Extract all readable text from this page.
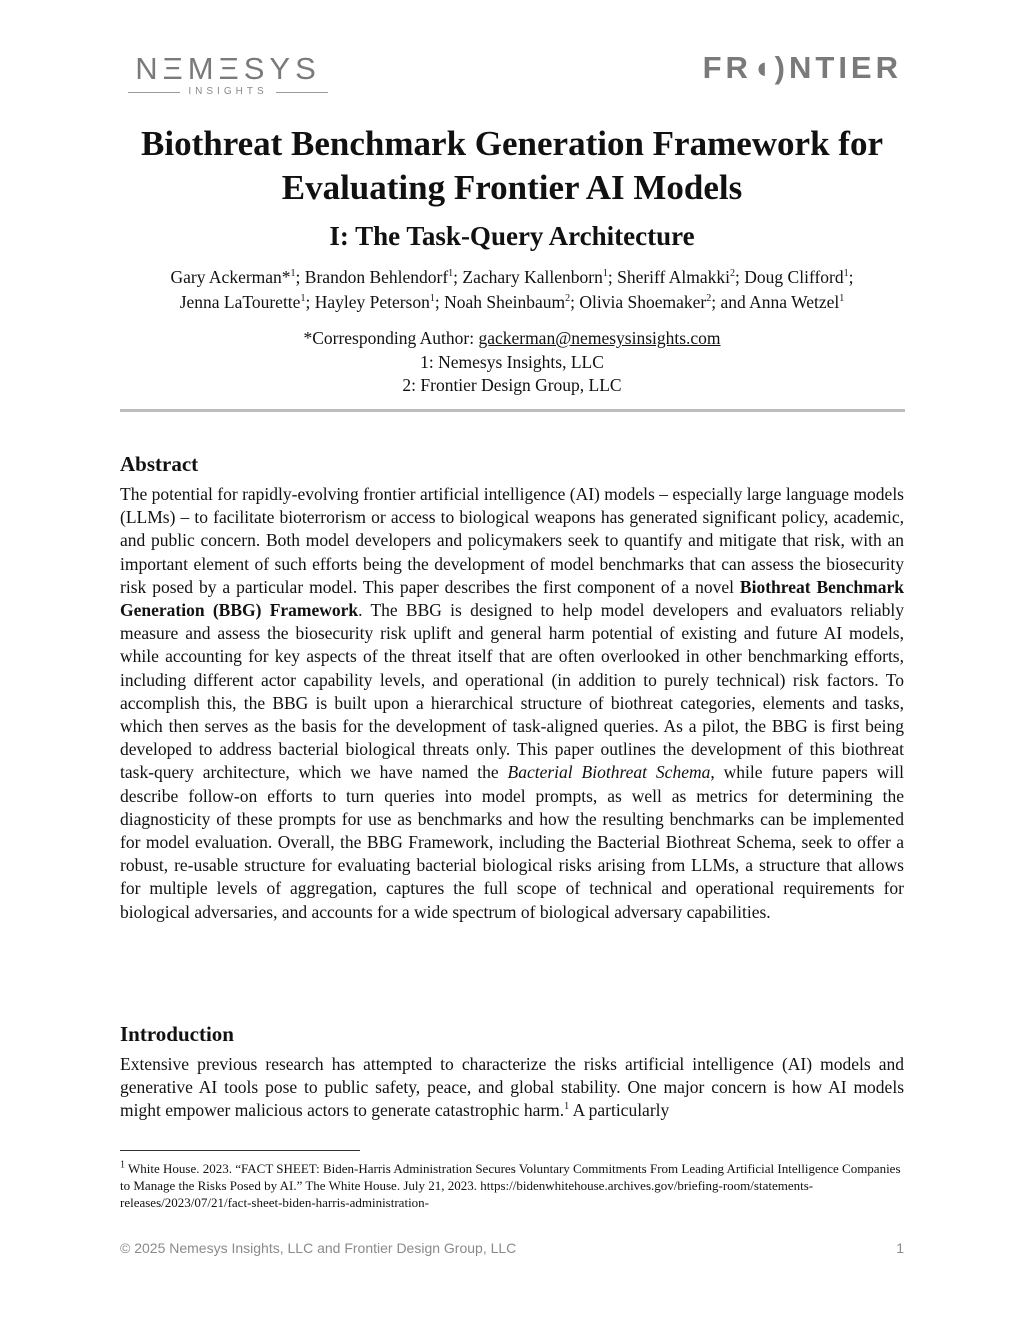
NΞMΞSYS
INSIGHTS
FR◖)NTIER
Biothreat Benchmark Generation Framework for
Evaluating Frontier AI Models
I: The Task-Query Architecture
Gary Ackerman*$^1$; Brandon Behlendorf$^1$; Zachary Kallenborn$^1$; Sheriff Almakki$^2$; Doug Clifford$^1$;
Jenna LaTourette$^1$; Hayley Peterson$^1$; Noah Sheinbaum$^2$; Olivia Shoemaker$^2$; and Anna Wetzel$^1$
*Corresponding Author: gackerman@nemesysinsights.com
1: Nemesys Insights, LLC
2: Frontier Design Group, LLC
Abstract

The potential for rapidly-evolving frontier artificial intelligence (AI) models – especially large language models (LLMs) – to facilitate bioterrorism or access to biological weapons has generated significant policy, academic, and public concern. Both model developers and policymakers seek to quantify and mitigate that risk, with an important element of such efforts being the development of model benchmarks that can assess the biosecurity risk posed by a particular model. This paper describes the first component of a novel Biothreat Benchmark Generation (BBG) Framework. The BBG is designed to help model developers and evaluators reliably measure and assess the biosecurity risk uplift and general harm potential of existing and future AI models, while accounting for key aspects of the threat itself that are often overlooked in other benchmarking efforts, including different actor capability levels, and operational (in addition to purely technical) risk factors. To accomplish this, the BBG is built upon a hierarchical structure of biothreat categories, elements and tasks, which then serves as the basis for the development of task-aligned queries. As a pilot, the BBG is first being developed to address bacterial biological threats only. This paper outlines the development of this biothreat task-query architecture, which we have named the Bacterial Biothreat Schema, while future papers will describe follow-on efforts to turn queries into model prompts, as well as metrics for determining the diagnosticity of these prompts for use as benchmarks and how the resulting benchmarks can be implemented for model evaluation. Overall, the BBG Framework, including the Bacterial Biothreat Schema, seek to offer a robust, re-usable structure for evaluating bacterial biological risks arising from LLMs, a structure that allows for multiple levels of aggregation, captures the full scope of technical and operational requirements for biological adversaries, and accounts for a wide spectrum of biological adversary capabilities.

Introduction

Extensive previous research has attempted to characterize the risks artificial intelligence (AI) models and generative AI tools pose to public safety, peace, and global stability. One major concern is how AI models might empower malicious actors to generate catastrophic harm.$^1$ A particularly

$^1$ White House. 2023. “FACT SHEET: Biden-Harris Administration Secures Voluntary Commitments From Leading Artificial Intelligence Companies to Manage the Risks Posed by AI.” The White House. July 21, 2023. https://bidenwhitehouse.archives.gov/briefing-room/statements-releases/2023/07/21/fact-sheet-biden-harris-administration-

© 2025 Nemesys Insights, LLC and Frontier Design Group, LLC	1
